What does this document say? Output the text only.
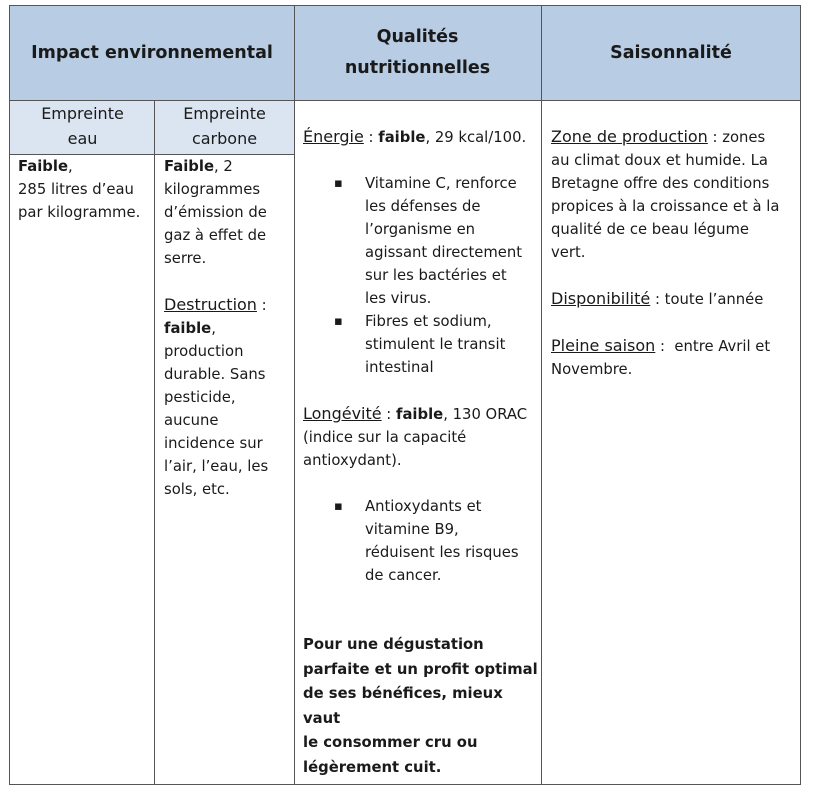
Impact environnemental
Qualités
nutritionnelles
Saisonnalité
Empreinte
eau
Empreinte
carbone
Faible,
285 litres d’eau
par kilogramme.
Faible, 2
kilogrammes
d’émission de
gaz à effet de
serre.
Destruction :
faible,
production
durable. Sans
pesticide,
aucune
incidence sur
l’air, l’eau, les
sols, etc.
Énergie : faible, 29 kcal/100.
▪ Vitamine C, renforce
les défenses de
l’organisme en
agissant directement
sur les bactéries et
les virus.
▪ Fibres et sodium,
stimulent le transit
intestinal
Longévité : faible, 130 ORAC
(indice sur la capacité
antioxydant).
▪ Antioxydants et
vitamine B9,
réduisent les risques
de cancer.
Pour une dégustation
parfaite et un profit optimal
de ses bénéfices, mieux vaut
le consommer cru ou
légèrement cuit.
Zone de production : zones
au climat doux et humide. La
Bretagne offre des conditions
propices à la croissance et à la
qualité de ce beau légume
vert.
Disponibilité : toute l’année
Pleine saison :  entre Avril et
Novembre.
